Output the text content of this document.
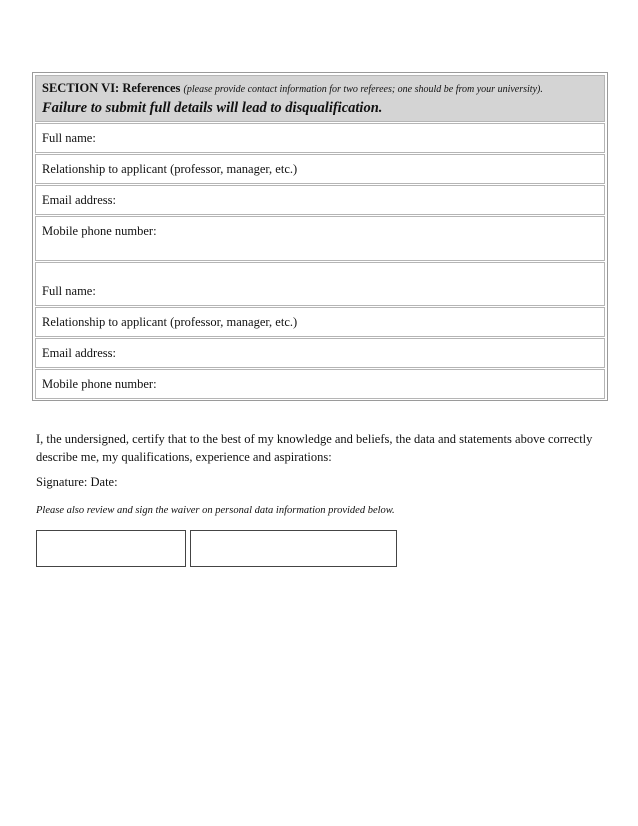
SECTION VI: References (please provide contact information for two referees; one should be from your university).
Failure to submit full details will lead to disqualification.
Full name:
Relationship to applicant (professor, manager, etc.)
Email address:
Mobile phone number:
Full name:
Relationship to applicant (professor, manager, etc.)
Email address:
Mobile phone number:
I, the undersigned, certify that to the best of my knowledge and beliefs, the data and statements above correctly describe me, my qualifications, experience and aspirations:
Signature: Date:
Please also review and sign the waiver on personal data information provided below.
